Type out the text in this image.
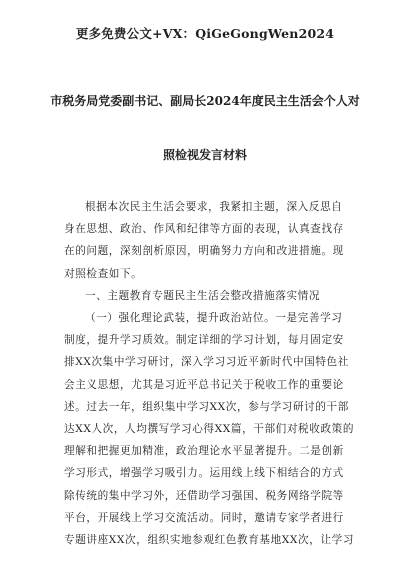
更多免费公文+VX：QiGeGongWen2024
市税务局党委副书记、副局长2024年度民主生活会个人对
照检视发言材料
根据本次民主生活会要求，我紧扣主题，深入反思自
身在思想、政治、作风和纪律等方面的表现，认真查找存
在的问题，深刻剖析原因，明确努力方向和改进措施。现
对照检查如下。
一、主题教育专题民主生活会整改措施落实情况
（一）强化理论武装，提升政治站位。一是完善学习
制度，提升学习质效。制定详细的学习计划，每月固定安
排XX次集中学习研讨，深入学习习近平新时代中国特色社
会主义思想，尤其是习近平总书记关于税收工作的重要论
述。过去一年，组织集中学习XX次，参与学习研讨的干部
达XX人次，人均撰写学习心得XX篇，干部们对税收政策的
理解和把握更加精准，政治理论水平显著提升。二是创新
学习形式，增强学习吸引力。运用线上线下相结合的方式
除传统的集中学习外，还借助学习强国、税务网络学院等
平台，开展线上学习交流活动。同时，邀请专家学者进行
专题讲座XX次，组织实地参观红色教育基地XX次，让学习
